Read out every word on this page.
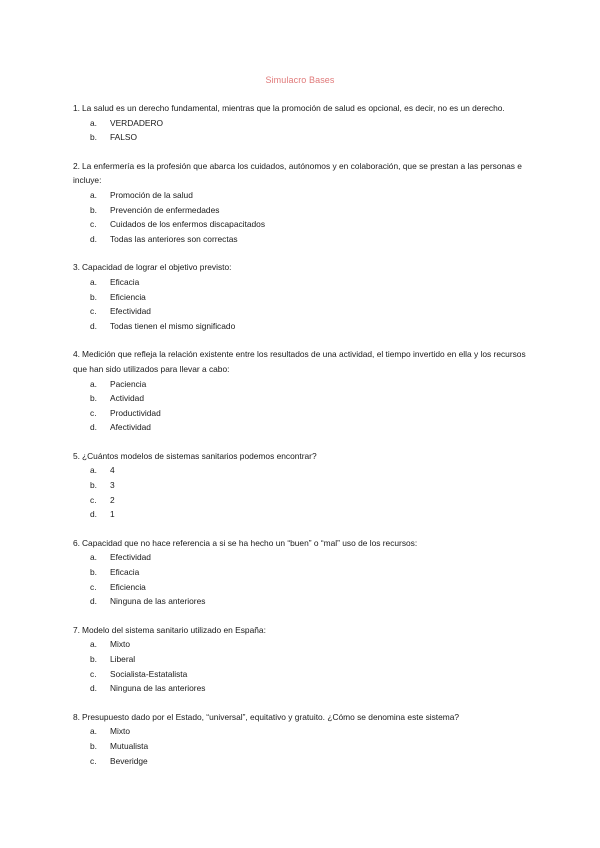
Simulacro Bases

1. La salud es un derecho fundamental, mientras que la promoción de salud es opcional, es decir, no es un derecho.

a.	VERDADERO
b.	FALSO

2. La enfermería es la profesión que abarca los cuidados, autónomos y en colaboración, que se prestan a las personas e incluye:

a.	Promoción de la salud
b.	Prevención de enfermedades
c.	Cuidados de los enfermos discapacitados
d.	Todas las anteriores son correctas

3. Capacidad de lograr el objetivo previsto:

a.	Eficacia
b.	Eficiencia
c.	Efectividad
d.	Todas tienen el mismo significado

4. Medición que refleja la relación existente entre los resultados de una actividad, el tiempo invertido en ella y los recursos que han sido utilizados para llevar a cabo:

a.	Paciencia
b.	Actividad
c.	Productividad
d.	Afectividad

5. ¿Cuántos modelos de sistemas sanitarios podemos encontrar?

a.	4
b.	3
c.	2
d.	1

6. Capacidad que no hace referencia a si se ha hecho un “buen” o “mal” uso de los recursos:

a.	Efectividad
b.	Eficacia
c.	Eficiencia
d.	Ninguna de las anteriores

7. Modelo del sistema sanitario utilizado en España:

a.	Mixto
b.	Liberal
c.	Socialista-Estatalista
d.	Ninguna de las anteriores

8. Presupuesto dado por el Estado, “universal”, equitativo y gratuito. ¿Cómo se denomina este sistema?

a.	Mixto
b.	Mutualista
c.	Beveridge
